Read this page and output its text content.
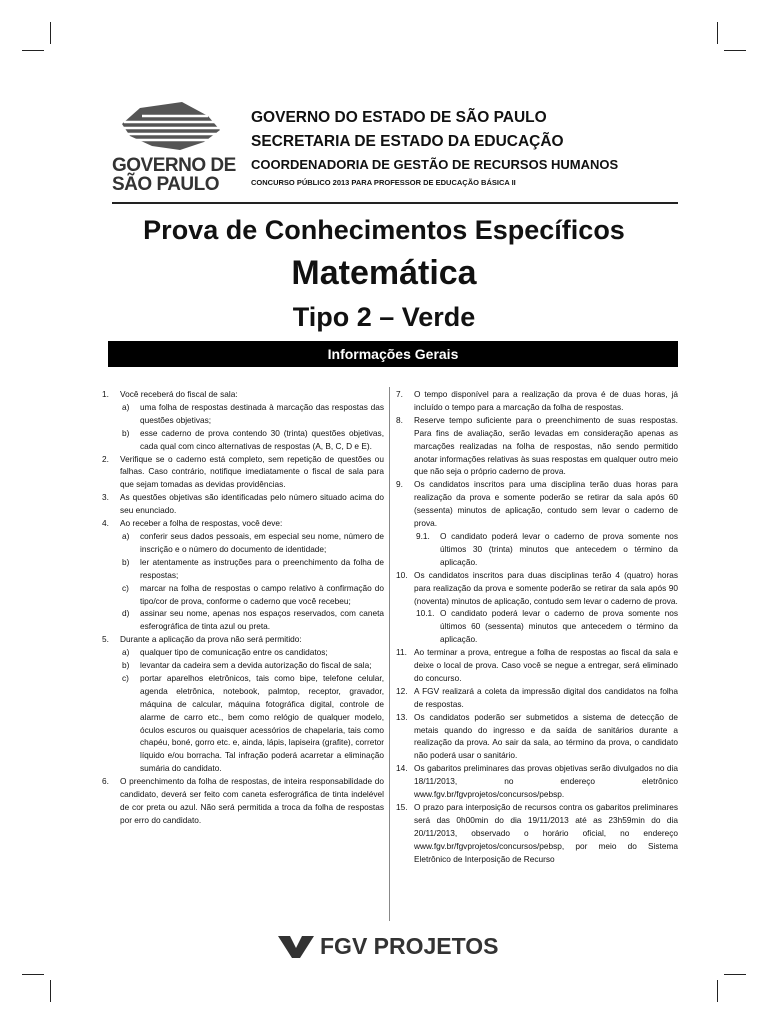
GOVERNO DE
SÃO PAULO
GOVERNO DO ESTADO DE SÃO PAULO
SECRETARIA DE ESTADO DA EDUCAÇÃO
COORDENADORIA DE GESTÃO DE RECURSOS HUMANOS
CONCURSO PÚBLICO 2013 PARA PROFESSOR DE EDUCAÇÃO BÁSICA II
Prova de Conhecimentos Específicos
Matemática
Tipo 2 – Verde
Informações Gerais
1. Você receberá do fiscal de sala:
a) uma folha de respostas destinada à marcação das respostas das questões objetivas;
b) esse caderno de prova contendo 30 (trinta) questões objetivas, cada qual com cinco alternativas de respostas (A, B, C, D e E).
2. Verifique se o caderno está completo, sem repetição de questões ou falhas. Caso contrário, notifique imediatamente o fiscal de sala para que sejam tomadas as devidas providências.
3. As questões objetivas são identificadas pelo número situado acima do seu enunciado.
4. Ao receber a folha de respostas, você deve:
a) conferir seus dados pessoais, em especial seu nome, número de inscrição e o número do documento de identidade;
b) ler atentamente as instruções para o preenchimento da folha de respostas;
c) marcar na folha de respostas o campo relativo à confirmação do tipo/cor de prova, conforme o caderno que você recebeu;
d) assinar seu nome, apenas nos espaços reservados, com caneta esferográfica de tinta azul ou preta.
5. Durante a aplicação da prova não será permitido:
a) qualquer tipo de comunicação entre os candidatos;
b) levantar da cadeira sem a devida autorização do fiscal de sala;
c) portar aparelhos eletrônicos, tais como bipe, telefone celular, agenda eletrônica, notebook, palmtop, receptor, gravador, máquina de calcular, máquina fotográfica digital, controle de alarme de carro etc., bem como relógio de qualquer modelo, óculos escuros ou quaisquer acessórios de chapelaria, tais como chapéu, boné, gorro etc. e, ainda, lápis, lapiseira (grafite), corretor líquido e/ou borracha. Tal infração poderá acarretar a eliminação sumária do candidato.
6. O preenchimento da folha de respostas, de inteira responsabilidade do candidato, deverá ser feito com caneta esferográfica de tinta indelével de cor preta ou azul. Não será permitida a troca da folha de respostas por erro do candidato.
7. O tempo disponível para a realização da prova é de duas horas, já incluído o tempo para a marcação da folha de respostas.
8. Reserve tempo suficiente para o preenchimento de suas respostas. Para fins de avaliação, serão levadas em consideração apenas as marcações realizadas na folha de respostas, não sendo permitido anotar informações relativas às suas respostas em qualquer outro meio que não seja o próprio caderno de prova.
9. Os candidatos inscritos para uma disciplina terão duas horas para realização da prova e somente poderão se retirar da sala após 60 (sessenta) minutos de aplicação, contudo sem levar o caderno de prova.
9.1. O candidato poderá levar o caderno de prova somente nos últimos 30 (trinta) minutos que antecedem o término da aplicação.
10. Os candidatos inscritos para duas disciplinas terão 4 (quatro) horas para realização da prova e somente poderão se retirar da sala após 90 (noventa) minutos de aplicação, contudo sem levar o caderno de prova.
10.1. O candidato poderá levar o caderno de prova somente nos últimos 60 (sessenta) minutos que antecedem o término da aplicação.
11. Ao terminar a prova, entregue a folha de respostas ao fiscal da sala e deixe o local de prova. Caso você se negue a entregar, será eliminado do concurso.
12. A FGV realizará a coleta da impressão digital dos candidatos na folha de respostas.
13. Os candidatos poderão ser submetidos a sistema de detecção de metais quando do ingresso e da saída de sanitários durante a realização da prova. Ao sair da sala, ao término da prova, o candidato não poderá usar o sanitário.
14. Os gabaritos preliminares das provas objetivas serão divulgados no dia 18/11/2013, no endereço eletrônico www.fgv.br/fgvprojetos/concursos/pebsp.
15. O prazo para interposição de recursos contra os gabaritos preliminares será das 0h00min do dia 19/11/2013 até as 23h59min do dia 20/11/2013, observado o horário oficial, no endereço www.fgv.br/fgvprojetos/concursos/pebsp, por meio do Sistema Eletrônico de Interposição de Recurso
FGV PROJETOS
